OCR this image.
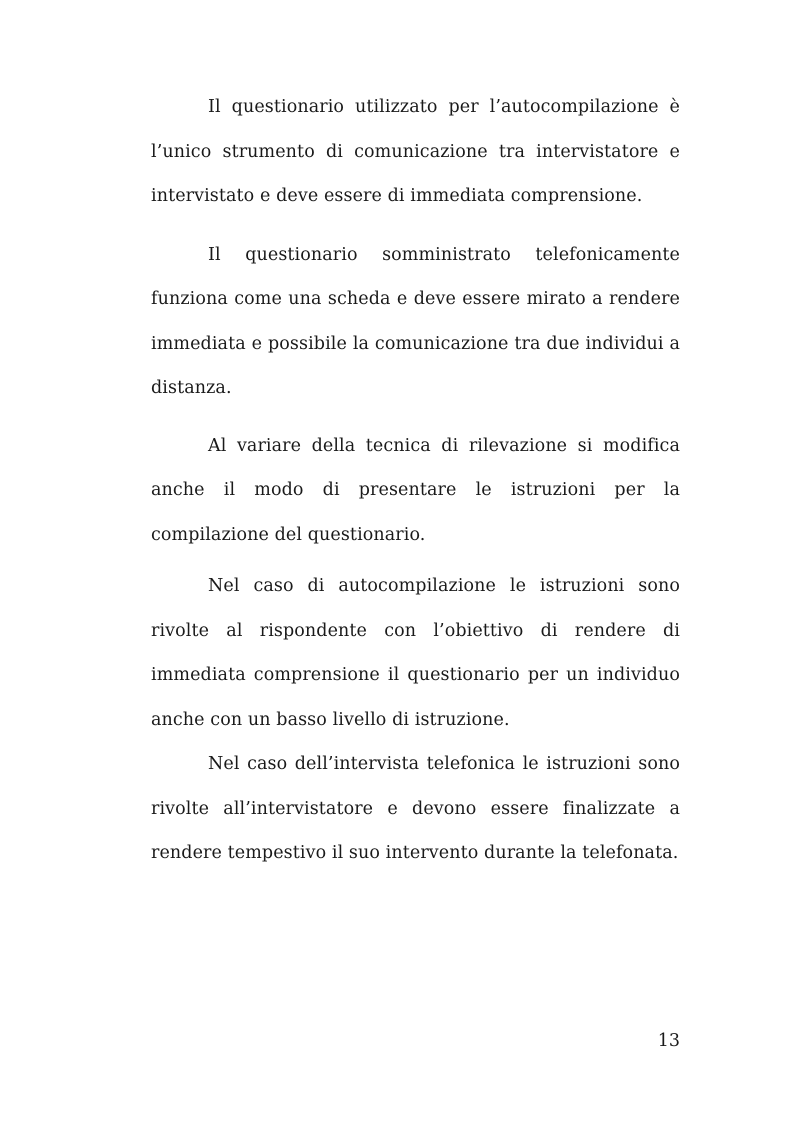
Il questionario utilizzato per l’autocompilazione è l’unico strumento di comunicazione tra intervistatore e intervistato e deve essere di immediata comprensione.

Il questionario somministrato telefonicamente funziona come una scheda e deve essere mirato a rendere immediata e possibile la comunicazione tra due individui a distanza.

Al variare della tecnica di rilevazione si modifica anche il modo di presentare le istruzioni per la compilazione del questionario.

Nel caso di autocompilazione le istruzioni sono rivolte al rispondente con l’obiettivo di rendere di immediata comprensione il questionario per un individuo anche con un basso livello di istruzione.

Nel caso dell’intervista telefonica le istruzioni sono rivolte all’intervistatore e devono essere finalizzate a rendere tempestivo il suo intervento durante la telefonata.

13
